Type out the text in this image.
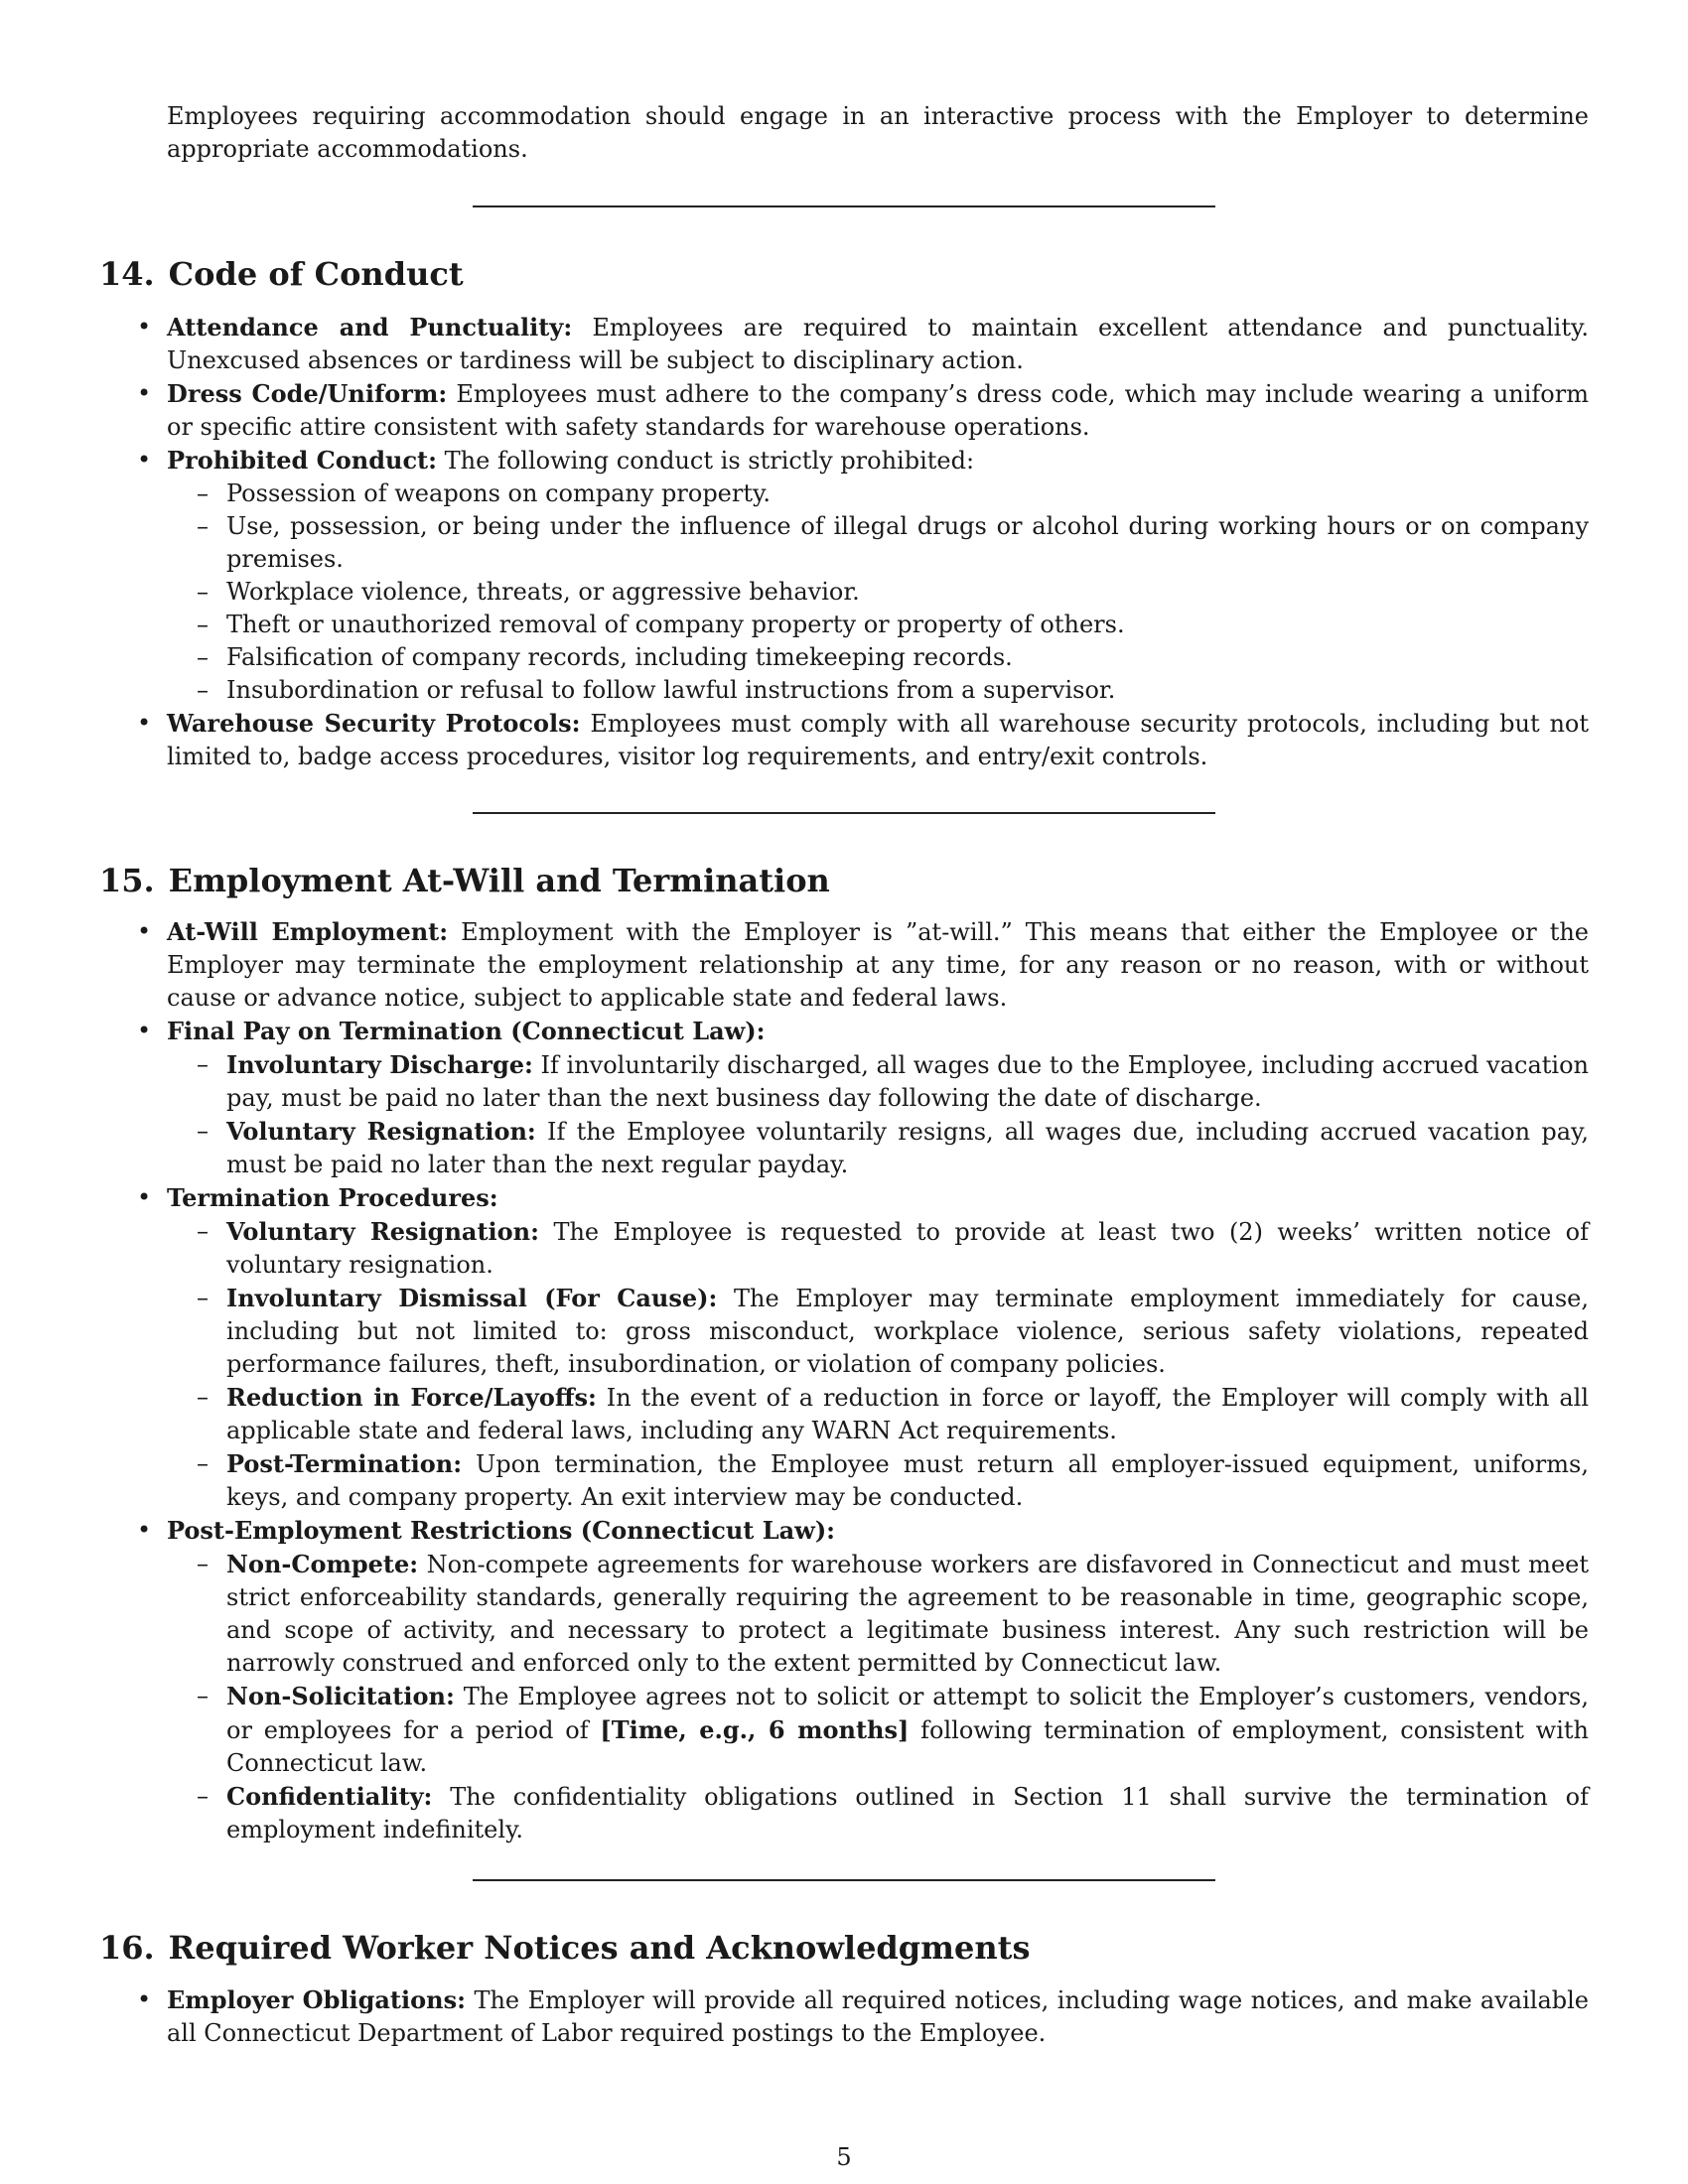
Employees requiring accommodation should engage in an interactive process with the Employer to determine appropriate accommodations.

14. Code of Conduct
• Attendance and Punctuality: Employees are required to maintain excellent attendance and punctuality. Unexcused absences or tardiness will be subject to disciplinary action.
• Dress Code/Uniform: Employees must adhere to the company’s dress code, which may include wearing a uniform or specific attire consistent with safety standards for warehouse operations.
• Prohibited Conduct: The following conduct is strictly prohibited:
– Possession of weapons on company property.
– Use, possession, or being under the influence of illegal drugs or alcohol during working hours or on company premises.
– Workplace violence, threats, or aggressive behavior.
– Theft or unauthorized removal of company property or property of others.
– Falsification of company records, including timekeeping records.
– Insubordination or refusal to follow lawful instructions from a supervisor.
• Warehouse Security Protocols: Employees must comply with all warehouse security protocols, including but not limited to, badge access procedures, visitor log requirements, and entry/exit controls.
15. Employment At-Will and Termination
• At-Will Employment: Employment with the Employer is ”at-will.” This means that either the Employee or the Employer may terminate the employment relationship at any time, for any reason or no reason, with or without cause or advance notice, subject to applicable state and federal laws.
• Final Pay on Termination (Connecticut Law):
– Involuntary Discharge: If involuntarily discharged, all wages due to the Employee, including accrued vacation pay, must be paid no later than the next business day following the date of discharge.
– Voluntary Resignation: If the Employee voluntarily resigns, all wages due, including accrued vacation pay, must be paid no later than the next regular payday.
• Termination Procedures:
– Voluntary Resignation: The Employee is requested to provide at least two (2) weeks’ written notice of voluntary resignation.
– Involuntary Dismissal (For Cause): The Employer may terminate employment immediately for cause, including but not limited to: gross misconduct, workplace violence, serious safety violations, repeated performance failures, theft, insubordination, or violation of company policies.
– Reduction in Force/Layoffs: In the event of a reduction in force or layoff, the Employer will comply with all applicable state and federal laws, including any WARN Act requirements.
– Post-Termination: Upon termination, the Employee must return all employer-issued equipment, uniforms, keys, and company property. An exit interview may be conducted.
• Post-Employment Restrictions (Connecticut Law):
– Non-Compete: Non-compete agreements for warehouse workers are disfavored in Connecticut and must meet strict enforceability standards, generally requiring the agreement to be reasonable in time, geographic scope, and scope of activity, and necessary to protect a legitimate business interest. Any such restriction will be narrowly construed and enforced only to the extent permitted by Connecticut law.
– Non-Solicitation: The Employee agrees not to solicit or attempt to solicit the Employer’s customers, vendors, or employees for a period of [Time, e.g., 6 months] following termination of employment, consistent with Connecticut law.
– Confidentiality: The confidentiality obligations outlined in Section 11 shall survive the termination of employment indefinitely.
16. Required Worker Notices and Acknowledgments
• Employer Obligations: The Employer will provide all required notices, including wage notices, and make available all Connecticut Department of Labor required postings to the Employee.
5
